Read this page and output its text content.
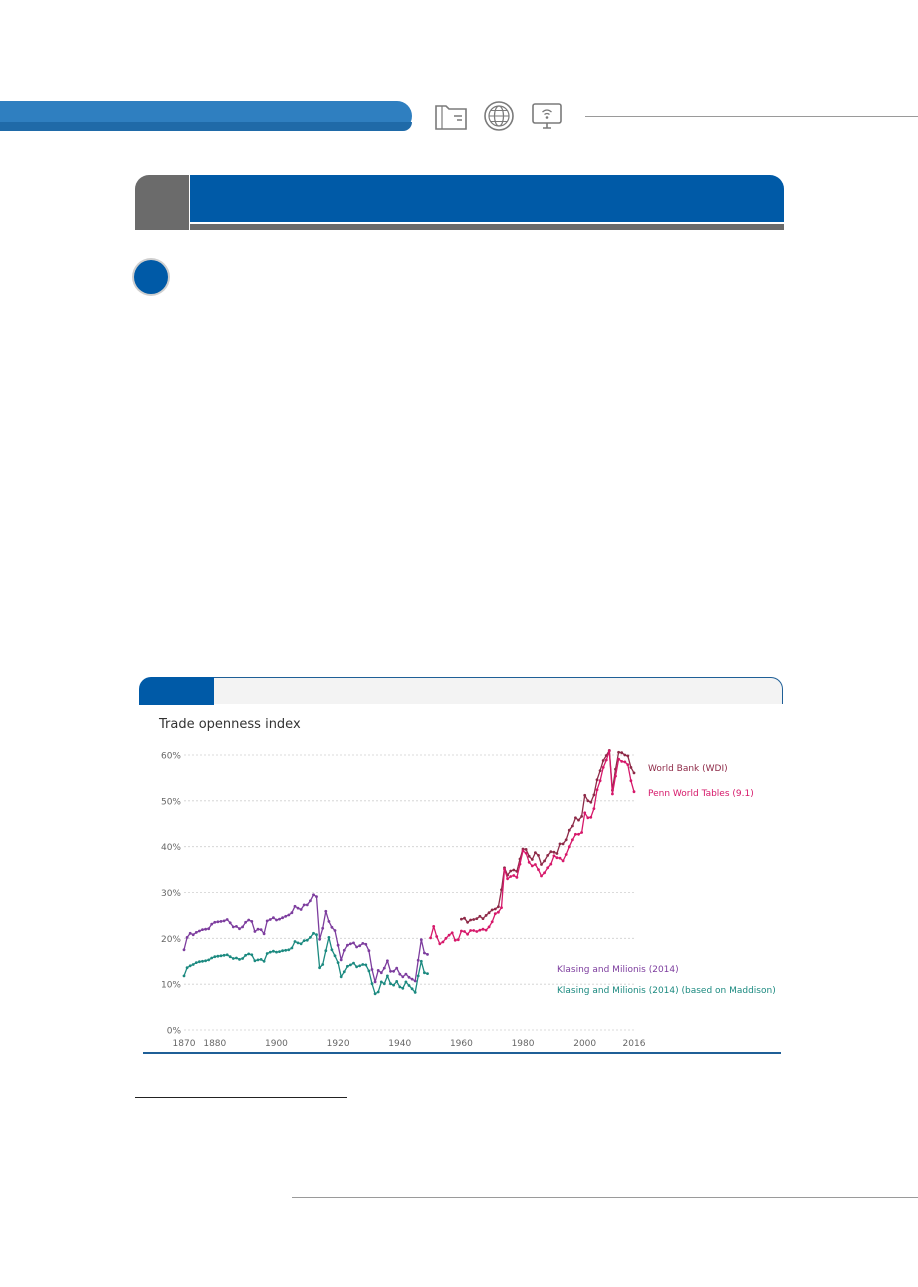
Trade openness index
0%
10%
20%
30%
40%
50%
60%
1870 1880	1900	1920	1940	1960	1980	2000	2016
World Bank (WDI)
Penn World Tables (9.1)
Klasing and Milionis (2014)
Klasing and Milionis (2014) (based on Maddison)
